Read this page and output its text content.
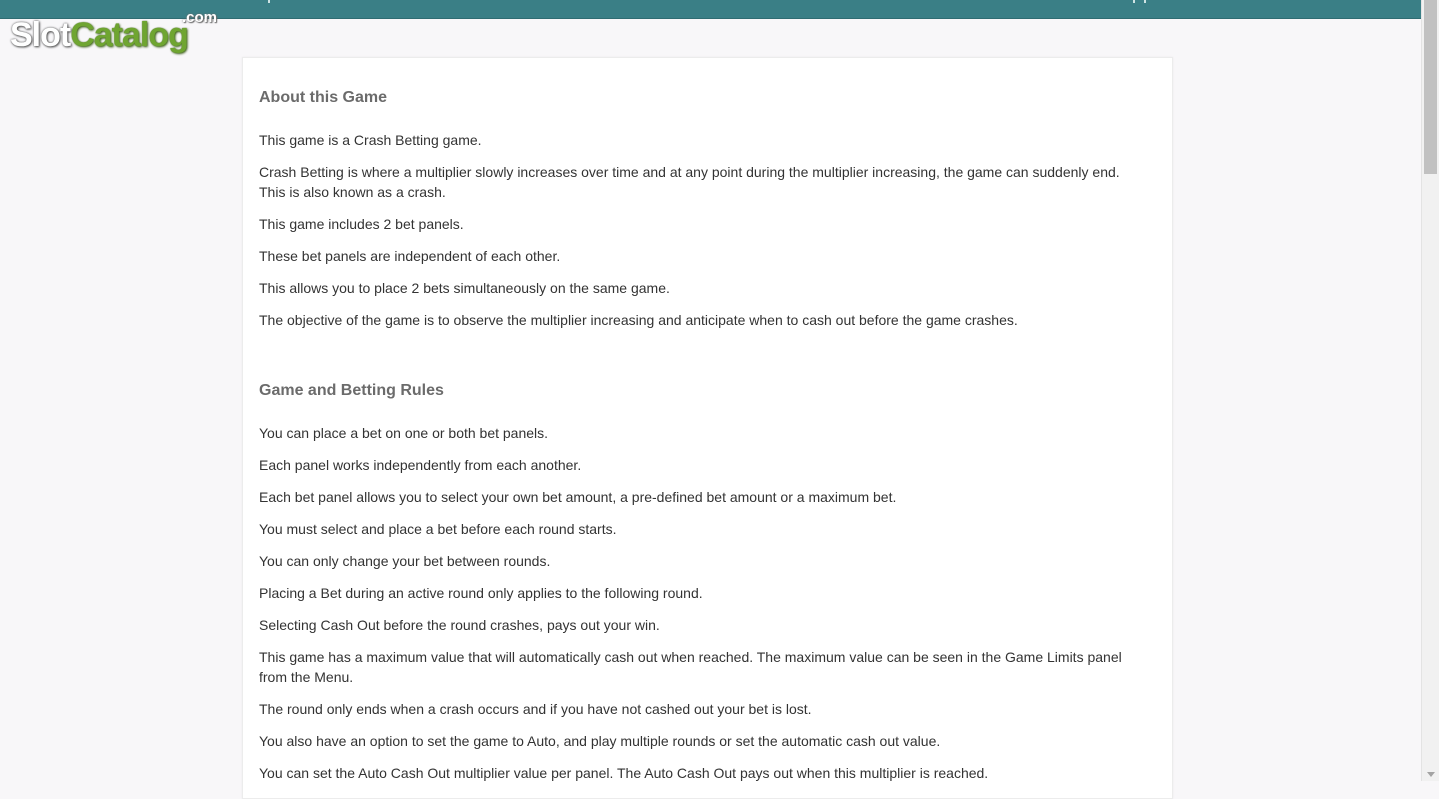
.com
SlotCatalog
About this Game

This game is a Crash Betting game.

Crash Betting is where a multiplier slowly increases over time and at any point during the multiplier increasing, the game can suddenly end. This is also known as a crash.

This game includes 2 bet panels.

These bet panels are independent of each other.

This allows you to place 2 bets simultaneously on the same game.

The objective of the game is to observe the multiplier increasing and anticipate when to cash out before the game crashes.

Game and Betting Rules

You can place a bet on one or both bet panels.

Each panel works independently from each another.

Each bet panel allows you to select your own bet amount, a pre-defined bet amount or a maximum bet.

You must select and place a bet before each round starts.

You can only change your bet between rounds.

Placing a Bet during an active round only applies to the following round.

Selecting Cash Out before the round crashes, pays out your win.

This game has a maximum value that will automatically cash out when reached. The maximum value can be seen in the Game Limits panel from the Menu.

The round only ends when a crash occurs and if you have not cashed out your bet is lost.

You also have an option to set the game to Auto, and play multiple rounds or set the automatic cash out value.

You can set the Auto Cash Out multiplier value per panel. The Auto Cash Out pays out when this multiplier is reached.
